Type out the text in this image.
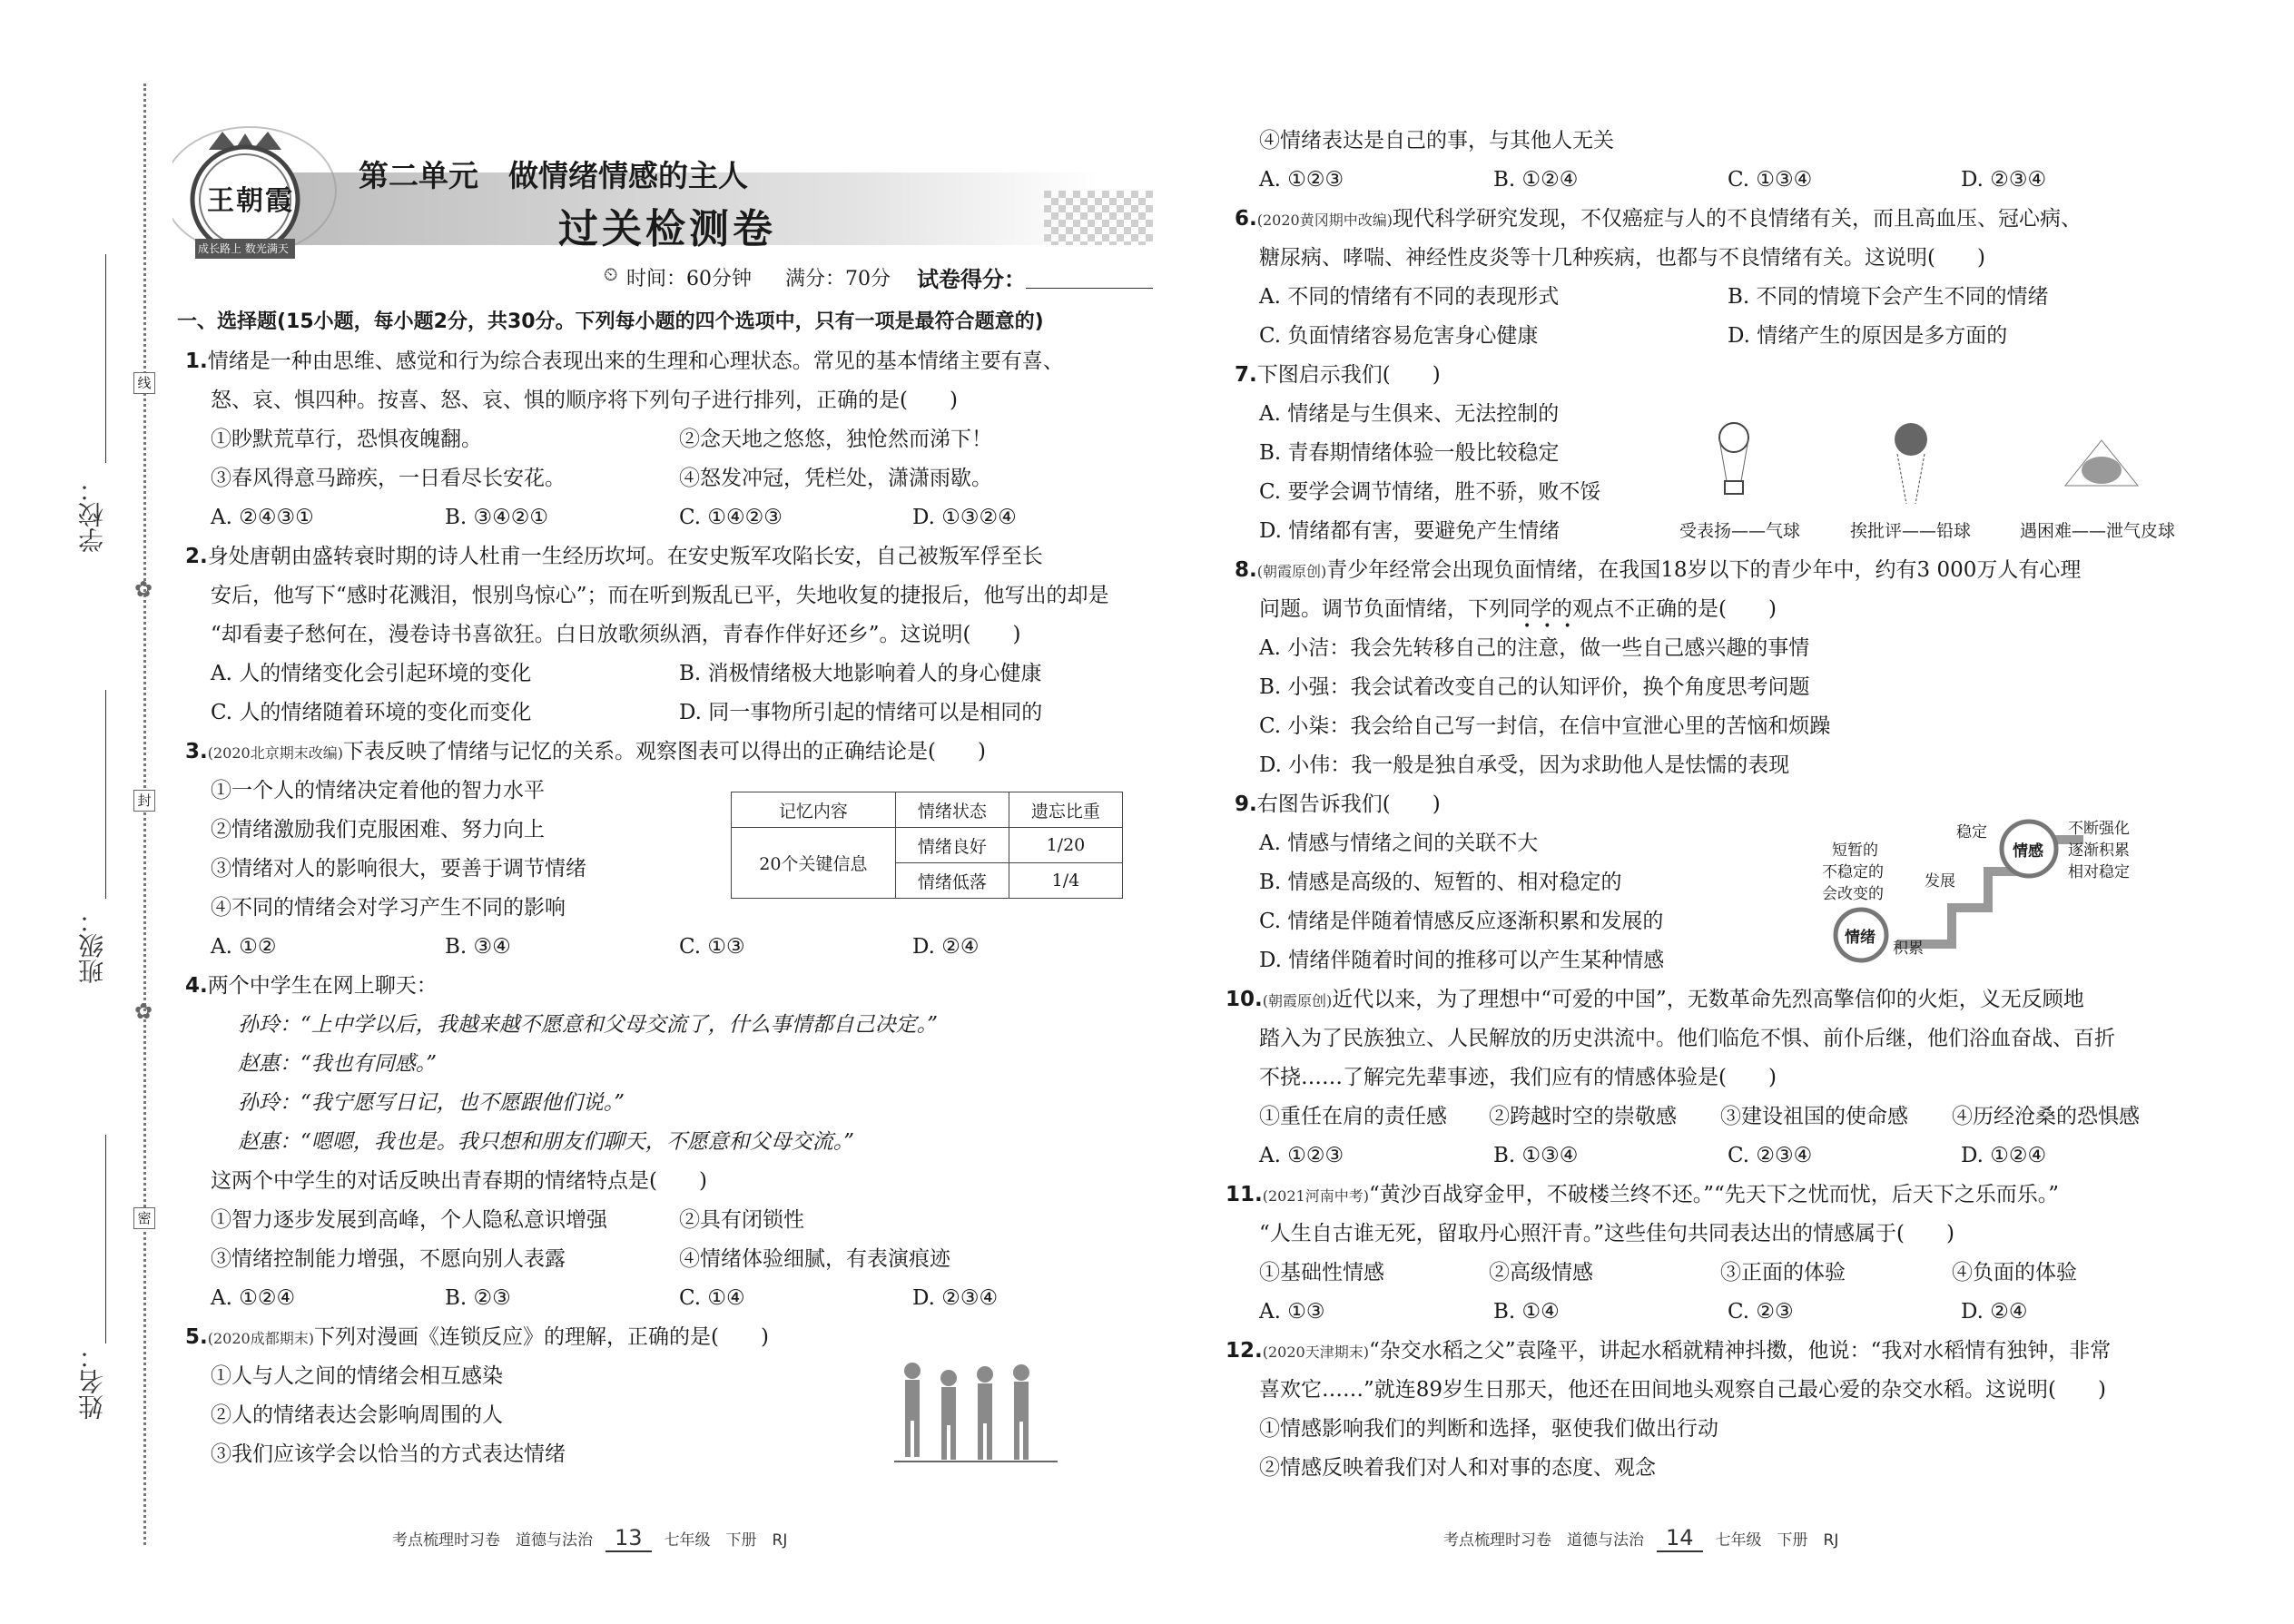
学校：
班级：
姓名：
线
封
密
✿
✿
王朝霞
成长路上 数光满天
第二单元　做情绪情感的主人
过关检测卷
⏲ 时间：60分钟 满分：70分 试卷得分：
一、选择题(15小题，每小题2分，共30分。下列每小题的四个选项中，只有一项是最符合题意的)
1.情绪是一种由思维、感觉和行为综合表现出来的生理和心理状态。常见的基本情绪主要有喜、
怒、哀、惧四种。按喜、怒、哀、惧的顺序将下列句子进行排列，正确的是(　　)
①眇默荒草行，恐惧夜魄翻。	②念天地之悠悠，独怆然而涕下！
③春风得意马蹄疾，一日看尽长安花。	④怒发冲冠，凭栏处，潇潇雨歇。
A. ②④③①	B. ③④②①	C. ①④②③	D. ①③②④
2.身处唐朝由盛转衰时期的诗人杜甫一生经历坎坷。在安史叛军攻陷长安，自己被叛军俘至长
安后，他写下“感时花溅泪，恨别鸟惊心”；而在听到叛乱已平，失地收复的捷报后，他写出的却是
“却看妻子愁何在，漫卷诗书喜欲狂。白日放歌须纵酒，青春作伴好还乡”。这说明(　　)
A. 人的情绪变化会引起环境的变化	B. 消极情绪极大地影响着人的身心健康
C. 人的情绪随着环境的变化而变化	D. 同一事物所引起的情绪可以是相同的
3.(2020北京期末改编)下表反映了情绪与记忆的关系。观察图表可以得出的正确结论是(　　)
①一个人的情绪决定着他的智力水平
②情绪激励我们克服困难、努力向上
③情绪对人的影响很大，要善于调节情绪
④不同的情绪会对学习产生不同的影响
A. ①②	B. ③④	C. ①③	D. ②④
记忆内容	情绪状态	遗忘比重
20个关键信息	情绪良好	1/20
	情绪低落	1/4
4.两个中学生在网上聊天：
孙玲：“上中学以后，我越来越不愿意和父母交流了，什么事情都自己决定。”
赵惠：“我也有同感。”
孙玲：“我宁愿写日记，也不愿跟他们说。”
赵惠：“嗯嗯，我也是。我只想和朋友们聊天，不愿意和父母交流。”
这两个中学生的对话反映出青春期的情绪特点是(　　)
①智力逐步发展到高峰，个人隐私意识增强	②具有闭锁性
③情绪控制能力增强，不愿向别人表露	④情绪体验细腻，有表演痕迹
A. ①②④	B. ②③	C. ①④	D. ②③④
5.(2020成都期末)下列对漫画《连锁反应》的理解，正确的是(　　)
①人与人之间的情绪会相互感染
②人的情绪表达会影响周围的人
③我们应该学会以恰当的方式表达情绪
考点梳理时习卷　道德与法治 13 七年级　下册　RJ
④情绪表达是自己的事，与其他人无关
A. ①②③	B. ①②④	C. ①③④	D. ②③④
6.(2020黄冈期中改编)现代科学研究发现，不仅癌症与人的不良情绪有关，而且高血压、冠心病、
糖尿病、哮喘、神经性皮炎等十几种疾病，也都与不良情绪有关。这说明(　　)
A. 不同的情绪有不同的表现形式	B. 不同的情境下会产生不同的情绪
C. 负面情绪容易危害身心健康	D. 情绪产生的原因是多方面的
7.下图启示我们(　　)
A. 情绪是与生俱来、无法控制的
B. 青春期情绪体验一般比较稳定
C. 要学会调节情绪，胜不骄，败不馁
D. 情绪都有害，要避免产生情绪	受表扬——气球	挨批评——铅球	遇困难——泄气皮球
8.(朝霞原创)青少年经常会出现负面情绪，在我国18岁以下的青少年中，约有3 000万人有心理
问题。调节负面情绪，下列同学的观点不正确的是(　　)
•••
A. 小洁：我会先转移自己的注意，做一些自己感兴趣的事情
B. 小强：我会试着改变自己的认知评价，换个角度思考问题
C. 小柒：我会给自己写一封信，在信中宣泄心里的苦恼和烦躁
D. 小伟：我一般是独自承受，因为求助他人是怯懦的表现
9.右图告诉我们(　　)
A. 情感与情绪之间的关联不大
B. 情感是高级的、短暂的、相对稳定的
C. 情绪是伴随着情感反应逐渐积累和发展的
D. 情绪伴随着时间的推移可以产生某种情感
情绪
情感
短暂的
不稳定的
会改变的
积累
发展
稳定	不断强化
逐渐积累
相对稳定
10.(朝霞原创)近代以来，为了理想中“可爱的中国”，无数革命先烈高擎信仰的火炬，义无反顾地
踏入为了民族独立、人民解放的历史洪流中。他们临危不惧、前仆后继，他们浴血奋战、百折
不挠……了解完先辈事迹，我们应有的情感体验是(　　)
①重任在肩的责任感 ②跨越时空的崇敬感 ③建设祖国的使命感 ④历经沧桑的恐惧感
A. ①②③	B. ①③④	C. ②③④	D. ①②④
11.(2021河南中考)“黄沙百战穿金甲，不破楼兰终不还。”“先天下之忧而忧，后天下之乐而乐。”
“人生自古谁无死，留取丹心照汗青。”这些佳句共同表达出的情感属于(　　)
①基础性情感	②高级情感	③正面的体验	④负面的体验
A. ①③	B. ①④	C. ②③	D. ②④
12.(2020天津期末)“杂交水稻之父”袁隆平，讲起水稻就精神抖擞，他说：“我对水稻情有独钟，非常
喜欢它……”就连89岁生日那天，他还在田间地头观察自己最心爱的杂交水稻。这说明(　　)
①情感影响我们的判断和选择，驱使我们做出行动
②情感反映着我们对人和对事的态度、观念
考点梳理时习卷　道德与法治 14 七年级　下册　RJ
